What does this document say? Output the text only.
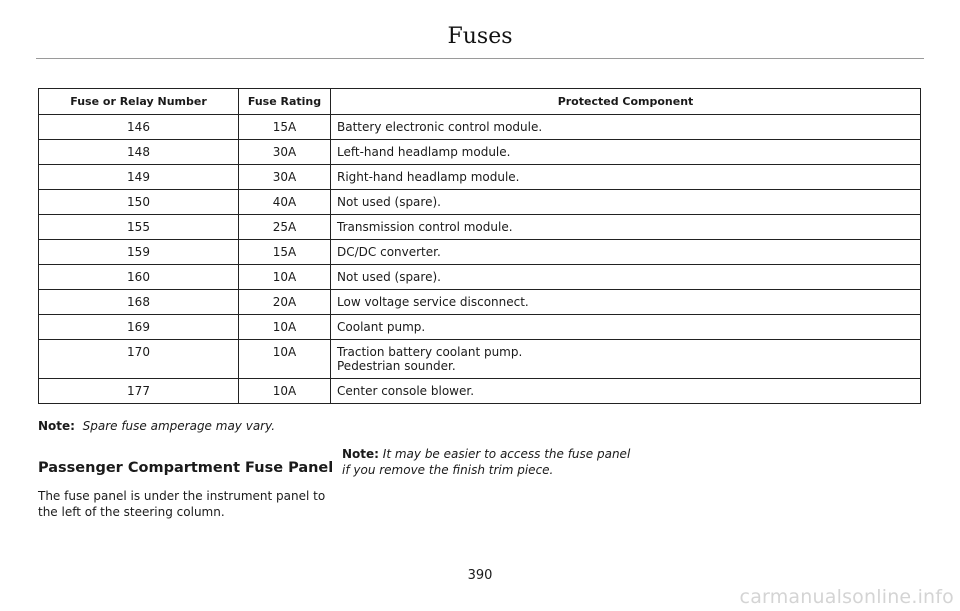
Fuses
Fuse or Relay Number	Fuse Rating	Protected Component
146	15A	Battery electronic control module.

148	30A	Left-hand headlamp module.

149	30A	Right-hand headlamp module.

150	40A	Not used (spare).

155	25A	Transmission control module.

159	15A	DC/DC converter.

160	10A	Not used (spare).

168	20A	Low voltage service disconnect.

169	10A	Coolant pump.

170	10A	Traction battery coolant pump.
Pedestrian sounder.

177	10A	Center console blower.
Note: Spare fuse amperage may vary.
Passenger Compartment Fuse Panel
The fuse panel is under the instrument panel to the left of the steering column.
Note: It may be easier to access the fuse panel if you remove the finish trim piece.
390
carmanualsonline.info
